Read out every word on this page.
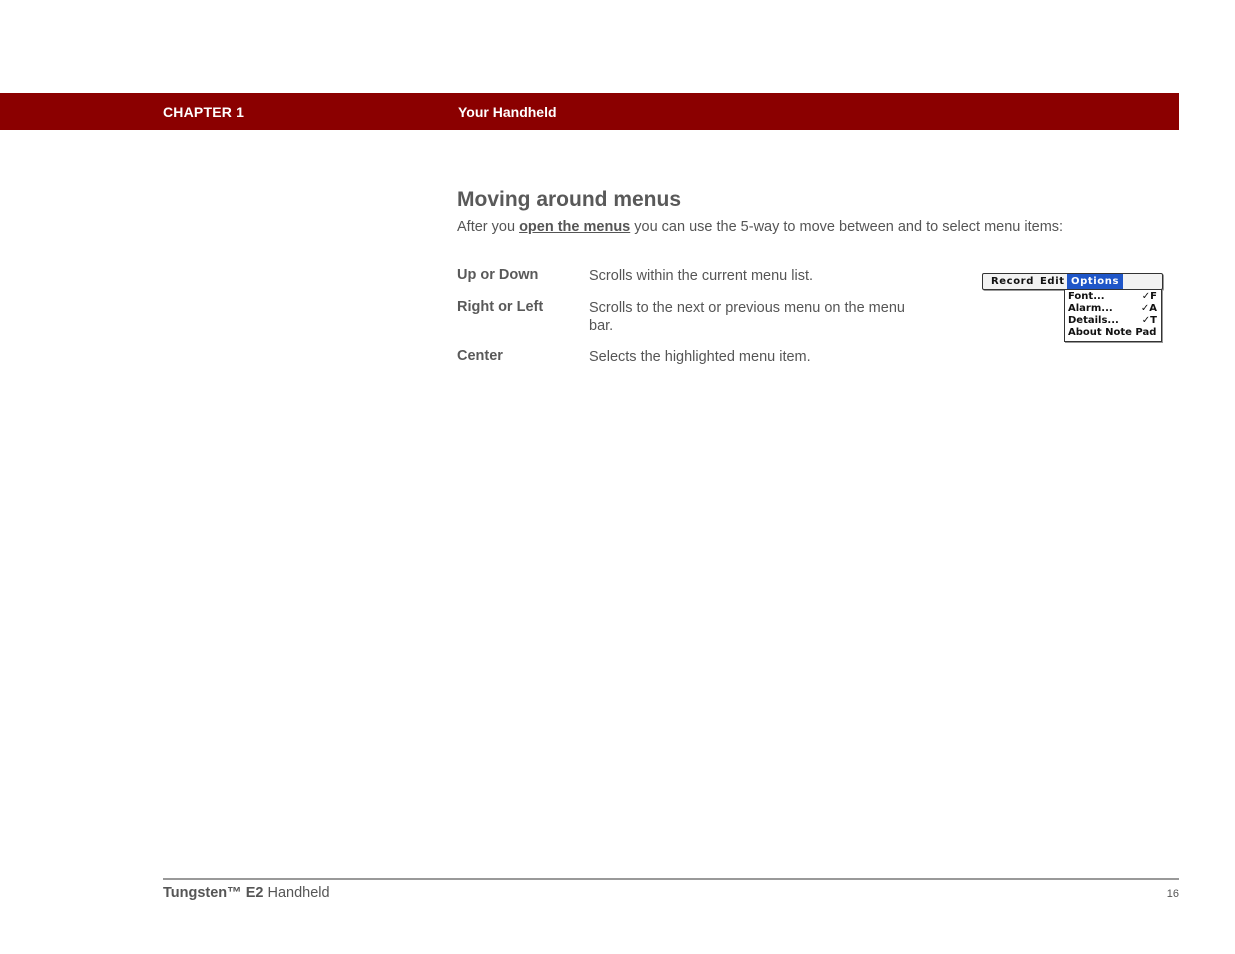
CHAPTER 1	Your Handheld
Moving around menus
After you open the menus you can use the 5-way to move between and to select menu items:
Up or Down	Scrolls within the current menu list.
Right or Left	Scrolls to the next or previous menu on the menu bar.
Center	Selects the highlighted menu item.
Record Edit Options
Font...	✓F
Alarm...	✓A
Details... ✓T
About Note Pad
Tungsten™ E2 Handheld	16
